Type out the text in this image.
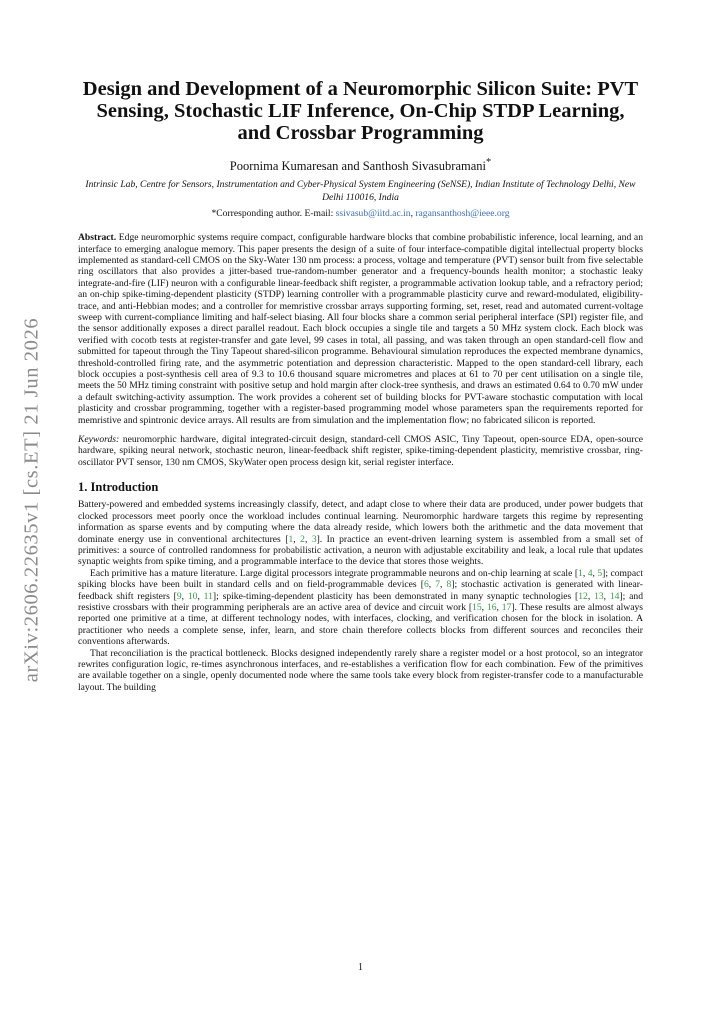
arXiv:2606.22635v1 [cs.ET] 21 Jun 2026
Design and Development of a Neuromorphic Silicon Suite: PVT Sensing, Stochastic LIF Inference, On-Chip STDP Learning, and Crossbar Programming
Poornima Kumaresan and Santhosh Sivasubramani*
Intrinsic Lab, Centre for Sensors, Instrumentation and Cyber-Physical System Engineering (SeNSE), Indian Institute of Technology Delhi, New Delhi 110016, India
*Corresponding author. E-mail: ssivasub@iitd.ac.in, ragansanthosh@ieee.org
Abstract. Edge neuromorphic systems require compact, configurable hardware blocks that combine probabilistic inference, local learning, and an interface to emerging analogue memory. This paper presents the design of a suite of four interface-compatible digital intellectual property blocks implemented as standard-cell CMOS on the Sky-Water 130 nm process: a process, voltage and temperature (PVT) sensor built from five selectable ring oscillators that also provides a jitter-based true-random-number generator and a frequency-bounds health monitor; a stochastic leaky integrate-and-fire (LIF) neuron with a configurable linear-feedback shift register, a programmable activation lookup table, and a refractory period; an on-chip spike-timing-dependent plasticity (STDP) learning controller with a programmable plasticity curve and reward-modulated, eligibility-trace, and anti-Hebbian modes; and a controller for memristive crossbar arrays supporting forming, set, reset, read and automated current-voltage sweep with current-compliance limiting and half-select biasing. All four blocks share a common serial peripheral interface (SPI) register file, and the sensor additionally exposes a direct parallel readout. Each block occupies a single tile and targets a 50 MHz system clock. Each block was verified with cocotb tests at register-transfer and gate level, 99 cases in total, all passing, and was taken through an open standard-cell flow and submitted for tapeout through the Tiny Tapeout shared-silicon programme. Behavioural simulation reproduces the expected membrane dynamics, threshold-controlled firing rate, and the asymmetric potentiation and depression characteristic. Mapped to the open standard-cell library, each block occupies a post-synthesis cell area of 9.3 to 10.6 thousand square micrometres and places at 61 to 70 per cent utilisation on a single tile, meets the 50 MHz timing constraint with positive setup and hold margin after clock-tree synthesis, and draws an estimated 0.64 to 0.70 mW under a default switching-activity assumption. The work provides a coherent set of building blocks for PVT-aware stochastic computation with local plasticity and crossbar programming, together with a register-based programming model whose parameters span the requirements reported for memristive and spintronic device arrays. All results are from simulation and the implementation flow; no fabricated silicon is reported.
Keywords: neuromorphic hardware, digital integrated-circuit design, standard-cell CMOS ASIC, Tiny Tapeout, open-source EDA, open-source hardware, spiking neural network, stochastic neuron, linear-feedback shift register, spike-timing-dependent plasticity, memristive crossbar, ring-oscillator PVT sensor, 130 nm CMOS, SkyWater open process design kit, serial register interface.
1. Introduction

Battery-powered and embedded systems increasingly classify, detect, and adapt close to where their data are produced, under power budgets that clocked processors meet poorly once the workload includes continual learning. Neuromorphic hardware targets this regime by representing information as sparse events and by computing where the data already reside, which lowers both the arithmetic and the data movement that dominate energy use in conventional architectures [1, 2, 3]. In practice an event-driven learning system is assembled from a small set of primitives: a source of controlled randomness for probabilistic activation, a neuron with adjustable excitability and leak, a local rule that updates synaptic weights from spike timing, and a programmable interface to the device that stores those weights.

Each primitive has a mature literature. Large digital processors integrate programmable neurons and on-chip learning at scale [1, 4, 5]; compact spiking blocks have been built in standard cells and on field-programmable devices [6, 7, 8]; stochastic activation is generated with linear-feedback shift registers [9, 10, 11]; spike-timing-dependent plasticity has been demonstrated in many synaptic technologies [12, 13, 14]; and resistive crossbars with their programming peripherals are an active area of device and circuit work [15, 16, 17]. These results are almost always reported one primitive at a time, at different technology nodes, with interfaces, clocking, and verification chosen for the block in isolation. A practitioner who needs a complete sense, infer, learn, and store chain therefore collects blocks from different sources and reconciles their conventions afterwards.

That reconciliation is the practical bottleneck. Blocks designed independently rarely share a register model or a host protocol, so an integrator rewrites configuration logic, re-times asynchronous interfaces, and re-establishes a verification flow for each combination. Few of the primitives are available together on a single, openly documented node where the same tools take every block from register-transfer code to a manufacturable layout. The building

1
